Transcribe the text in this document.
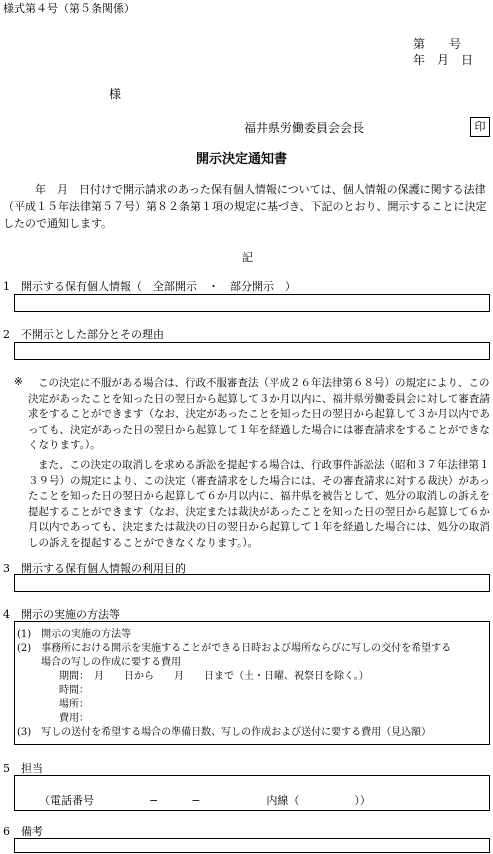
様式第４号（第５条関係）
第　　号
年　月　日
様
福井県労働委員会会長	印
開示決定通知書
年　月　日付けで開示請求のあった保有個人情報については、個人情報の保護に関する法律（平成１５年法律第５７号）第８２条第１項の規定に基づき、下記のとおり、開示することに決定したので通知します。
記
1　開示する保有個人情報（　全部開示　・　部分開示　）
2　不開示とした部分とその理由
※	この決定に不服がある場合は、行政不服審査法（平成２６年法律第６８号）の規定により、この決定があったことを知った日の翌日から起算して３か月以内に、福井県労働委員会に対して審査請求をすることができます（なお、決定があったことを知った日の翌日から起算して３か月以内であっても、決定があった日の翌日から起算して１年を経過した場合には審査請求をすることができなくなります。）。
また、この決定の取消しを求める訴訟を提起する場合は、行政事件訴訟法（昭和３７年法律第１３９号）の規定により、この決定（審査請求をした場合には、その審査請求に対する裁決）があったことを知った日の翌日から起算して６か月以内に、福井県を被告として、処分の取消しの訴えを提起することができます（なお、決定または裁決があったことを知った日の翌日から起算して６か月以内であっても、決定または裁決の日の翌日から起算して１年を経過した場合には、処分の取消しの訴えを提起することができなくなります。）。
3　開示する保有個人情報の利用目的
4　開示の実施の方法等
(1)　開示の実施の方法等
(2)　事務所における開示を実施することができる日時および場所ならびに写しの交付を希望する
場合の写しの作成に要する費用
期間：　月　　日から　　月　　日まで（土・日曜、祝祭日を除く。）
時間：
場所：
費用：
(3)　写しの送付を希望する場合の準備日数、写しの作成および送付に要する費用（見込額）
5　担当
（電話番号　　　　　−　　　−　　　　　　内線（　　　　　））
6　備考
